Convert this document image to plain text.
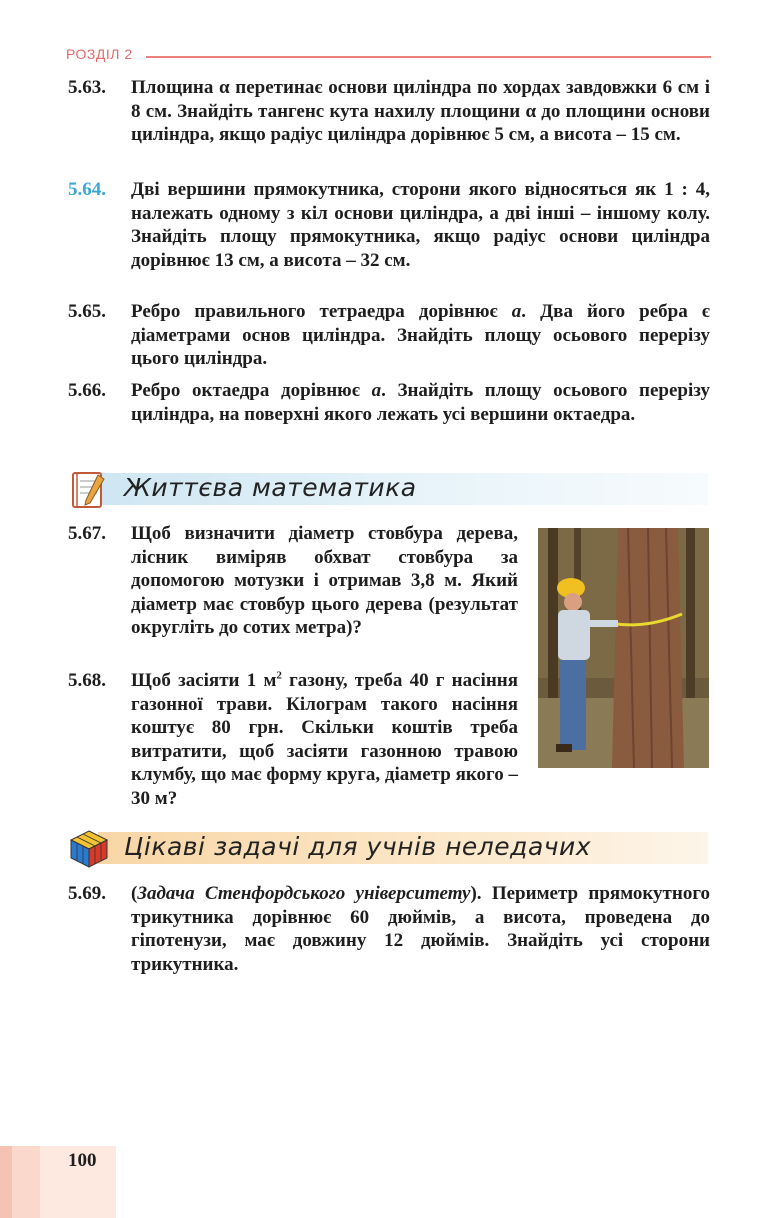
РОЗДІЛ 2
5.63. Площина α перетинає основи циліндра по хордах завдовжки 6 см і 8 см. Знайдіть тангенс кута нахилу площини α до площини основи циліндра, якщо радіус циліндра дорівнює 5 см, а висота – 15 см.
5.64. Дві вершини прямокутника, сторони якого відносяться як 1 : 4, належать одному з кіл основи циліндра, а дві інші – іншому колу. Знайдіть площу прямокутника, якщо радіус основи циліндра дорівнює 13 см, а висота – 32 см.
5.65. Ребро правильного тетраедра дорівнює a. Два його ребра є діаметрами основ циліндра. Знайдіть площу осьового перерізу цього циліндра.
5.66. Ребро октаедра дорівнює a. Знайдіть площу осьового перерізу циліндра, на поверхні якого лежать усі вершини октаедра.
Життєва математика
5.67. Щоб визначити діаметр стовбура дерева, лісник виміряв обхват стовбура за допомогою мотузки і отримав 3,8 м. Який діаметр має стовбур цього дерева (результат округліть до сотих метра)?
5.68. Щоб засіяти 1 $м^2$ газону, треба 40 г насіння газонної трави. Кілограм такого насіння коштує 80 грн. Скільки коштів треба витратити, щоб засіяти газонною травою клумбу, що має форму круга, діаметр якого – 30 м?
Цікаві задачі для учнів неледачих
5.69. (Задача Стенфордського університету). Периметр прямокутного трикутника дорівнює 60 дюймів, а висота, проведена до гіпотенузи, має довжину 12 дюймів. Знайдіть усі сторони трикутника.
100
